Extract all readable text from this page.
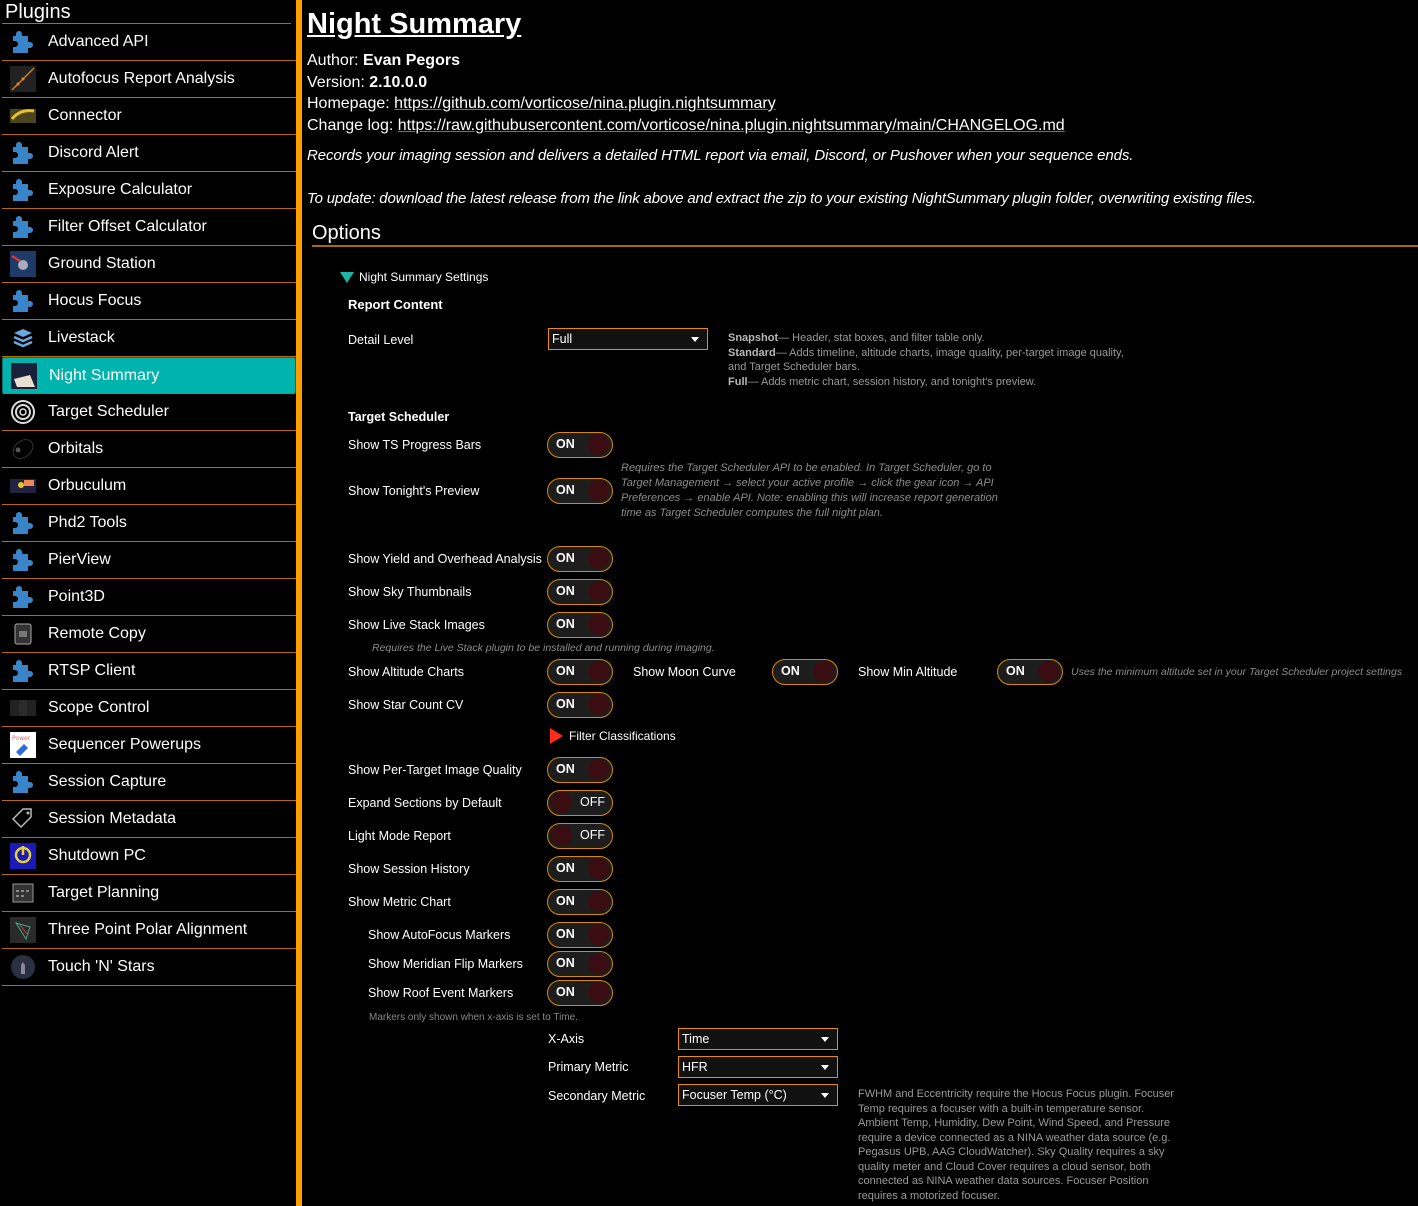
Plugins
Advanced API
Autofocus Report Analysis
Connector
Discord Alert
Exposure Calculator
Filter Offset Calculator
Ground Station
Hocus Focus
Livestack
Night Summary
Target Scheduler
Orbitals
Orbuculum
Phd2 Tools
PierView
Point3D
Remote Copy
RTSP Client
Scope Control
Power Sequencer Powerups
Session Capture
Session Metadata
Shutdown PC
Target Planning
Three Point Polar Alignment
Touch 'N' Stars
Night Summary
Author: Evan Pegors
Version: 2.10.0.0
Homepage: https://github.com/vorticose/nina.plugin.nightsummary
Change log: https://raw.githubusercontent.com/vorticose/nina.plugin.nightsummary/main/CHANGELOG.md
Records your imaging session and delivers a detailed HTML report via email, Discord, or Pushover when your sequence ends.
To update: download the latest release from the link above and extract the zip to your existing NightSummary plugin folder, overwriting existing files.
Options
Night Summary Settings
Report Content
Detail Level	Full	Snapshot— Header, stat boxes, and filter table only.
Standard— Adds timeline, altitude charts, image quality, per-target image quality,
and Target Scheduler bars.
Full— Adds metric chart, session history, and tonight's preview.
Target Scheduler
Show TS Progress Bars	ON
Requires the Target Scheduler API to be enabled. In Target Scheduler, go to
Target Management → select your active profile → click the gear icon → API
Preferences → enable API. Note: enabling this will increase report generation
time as Target Scheduler computes the full night plan.
Show Tonight's Preview	ON
Show Yield and Overhead Analysis ON
Show Sky Thumbnails	ON
Show Live Stack Images	ON
Requires the Live Stack plugin to be installed and running during imaging.
Show Altitude Charts	ON	Show Moon Curve	ON	Show Min Altitude	ON	Uses the minimum altitude set in your Target Scheduler project settings
Show Star Count CV	ON
Filter Classifications
Show Per-Target Image Quality	ON
Expand Sections by Default	OFF
Light Mode Report	OFF
Show Session History	ON
Show Metric Chart	ON
Show AutoFocus Markers	ON
Show Meridian Flip Markers	ON
Show Roof Event Markers	ON
Markers only shown when x-axis is set to Time.
X-Axis	Time
Primary Metric	HFR
Secondary Metric	Focuser Temp (°C)	FWHM and Eccentricity require the Hocus Focus plugin. Focuser
Temp requires a focuser with a built-in temperature sensor.
Ambient Temp, Humidity, Dew Point, Wind Speed, and Pressure
require a device connected as a NINA weather data source (e.g.
Pegasus UPB, AAG CloudWatcher). Sky Quality requires a sky
quality meter and Cloud Cover requires a cloud sensor, both
connected as NINA weather data sources. Focuser Position
requires a motorized focuser.
